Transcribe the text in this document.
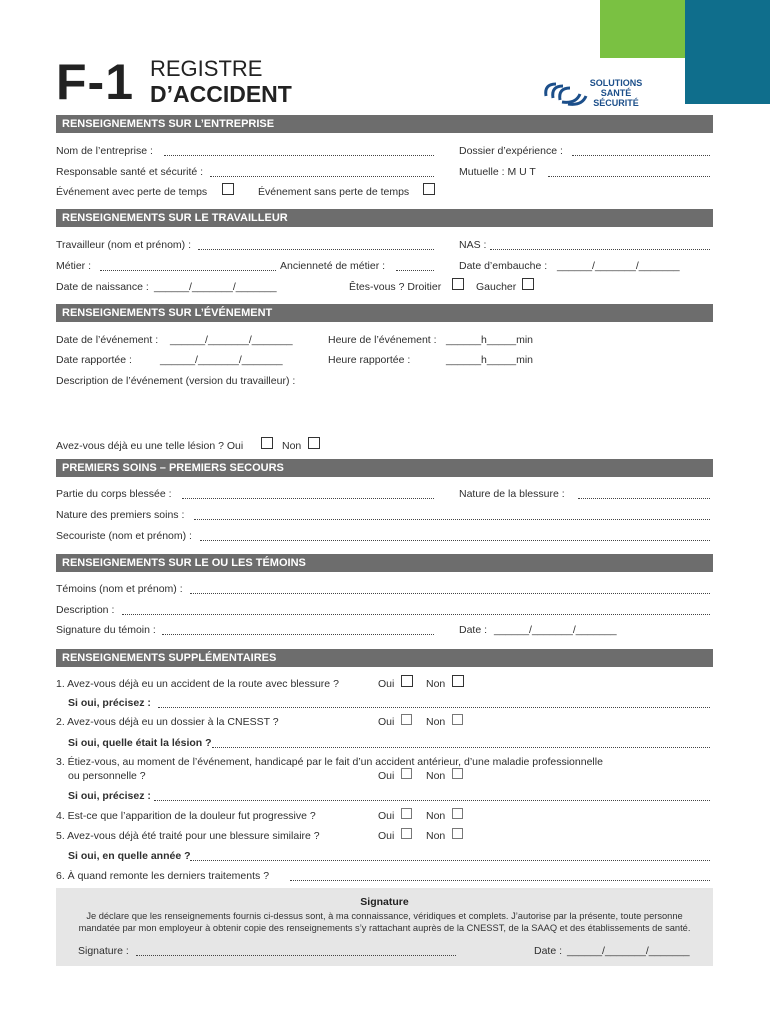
F-1 REGISTRE
D’ACCIDENT	SOLUTIONS
SANTÉ
SÉCURITÉ
RENSEIGNEMENTS SUR L’ENTREPRISE
Nom de l’entreprise :	Dossier d’expérience :
Responsable santé et sécurité :	Mutuelle : M U T
Événement avec perte de temps	Événement sans perte de temps
RENSEIGNEMENTS SUR LE TRAVAILLEUR
Travailleur (nom et prénom) :	NAS :
Métier :	Ancienneté de métier :	Date d’embauche : ______/_______/_______
Date de naissance : ______/_______/_______	Êtes-vous ? Droitier	Gaucher
RENSEIGNEMENTS SUR L’ÉVÉNEMENT
Date de l’événement : ______/_______/_______	Heure de l’événement : ______h_____min
Date rapportée :	______/_______/_______	Heure rapportée :	______h_____min
Description de l’événement (version du travailleur) :
Avez-vous déjà eu une telle lésion ? Oui	Non
PREMIERS SOINS – PREMIERS SECOURS
Partie du corps blessée :	Nature de la blessure :
Nature des premiers soins :
Secouriste (nom et prénom) :
RENSEIGNEMENTS SUR LE OU LES TÉMOINS
Témoins (nom et prénom) :
Description :
Signature du témoin :	Date : ______/_______/_______
RENSEIGNEMENTS SUPPLÉMENTAIRES
1. Avez-vous déjà eu un accident de la route avec blessure ?	Oui	Non
Si oui, précisez :
2. Avez-vous déjà eu un dossier à la CNESST ?	Oui	Non
Si oui, quelle était la lésion ?
3. Étiez-vous, au moment de l’événement, handicapé par le fait d’un accident antérieur, d’une maladie professionnelle
ou personnelle ?	Oui	Non
Si oui, précisez :
4. Est-ce que l’apparition de la douleur fut progressive ?	Oui	Non
5. Avez-vous déjà été traité pour une blessure similaire ?	Oui	Non
Si oui, en quelle année ?
6. À quand remonte les derniers traitements ?
Signature
Je déclare que les renseignements fournis ci-dessus sont, à ma connaissance, véridiques et complets. J’autorise par la présente, toute personne
mandatée par mon employeur à obtenir copie des renseignements s’y rattachant auprès de la CNESST, de la SAAQ et des établissements de santé.
Signature :	Date : ______/_______/_______
